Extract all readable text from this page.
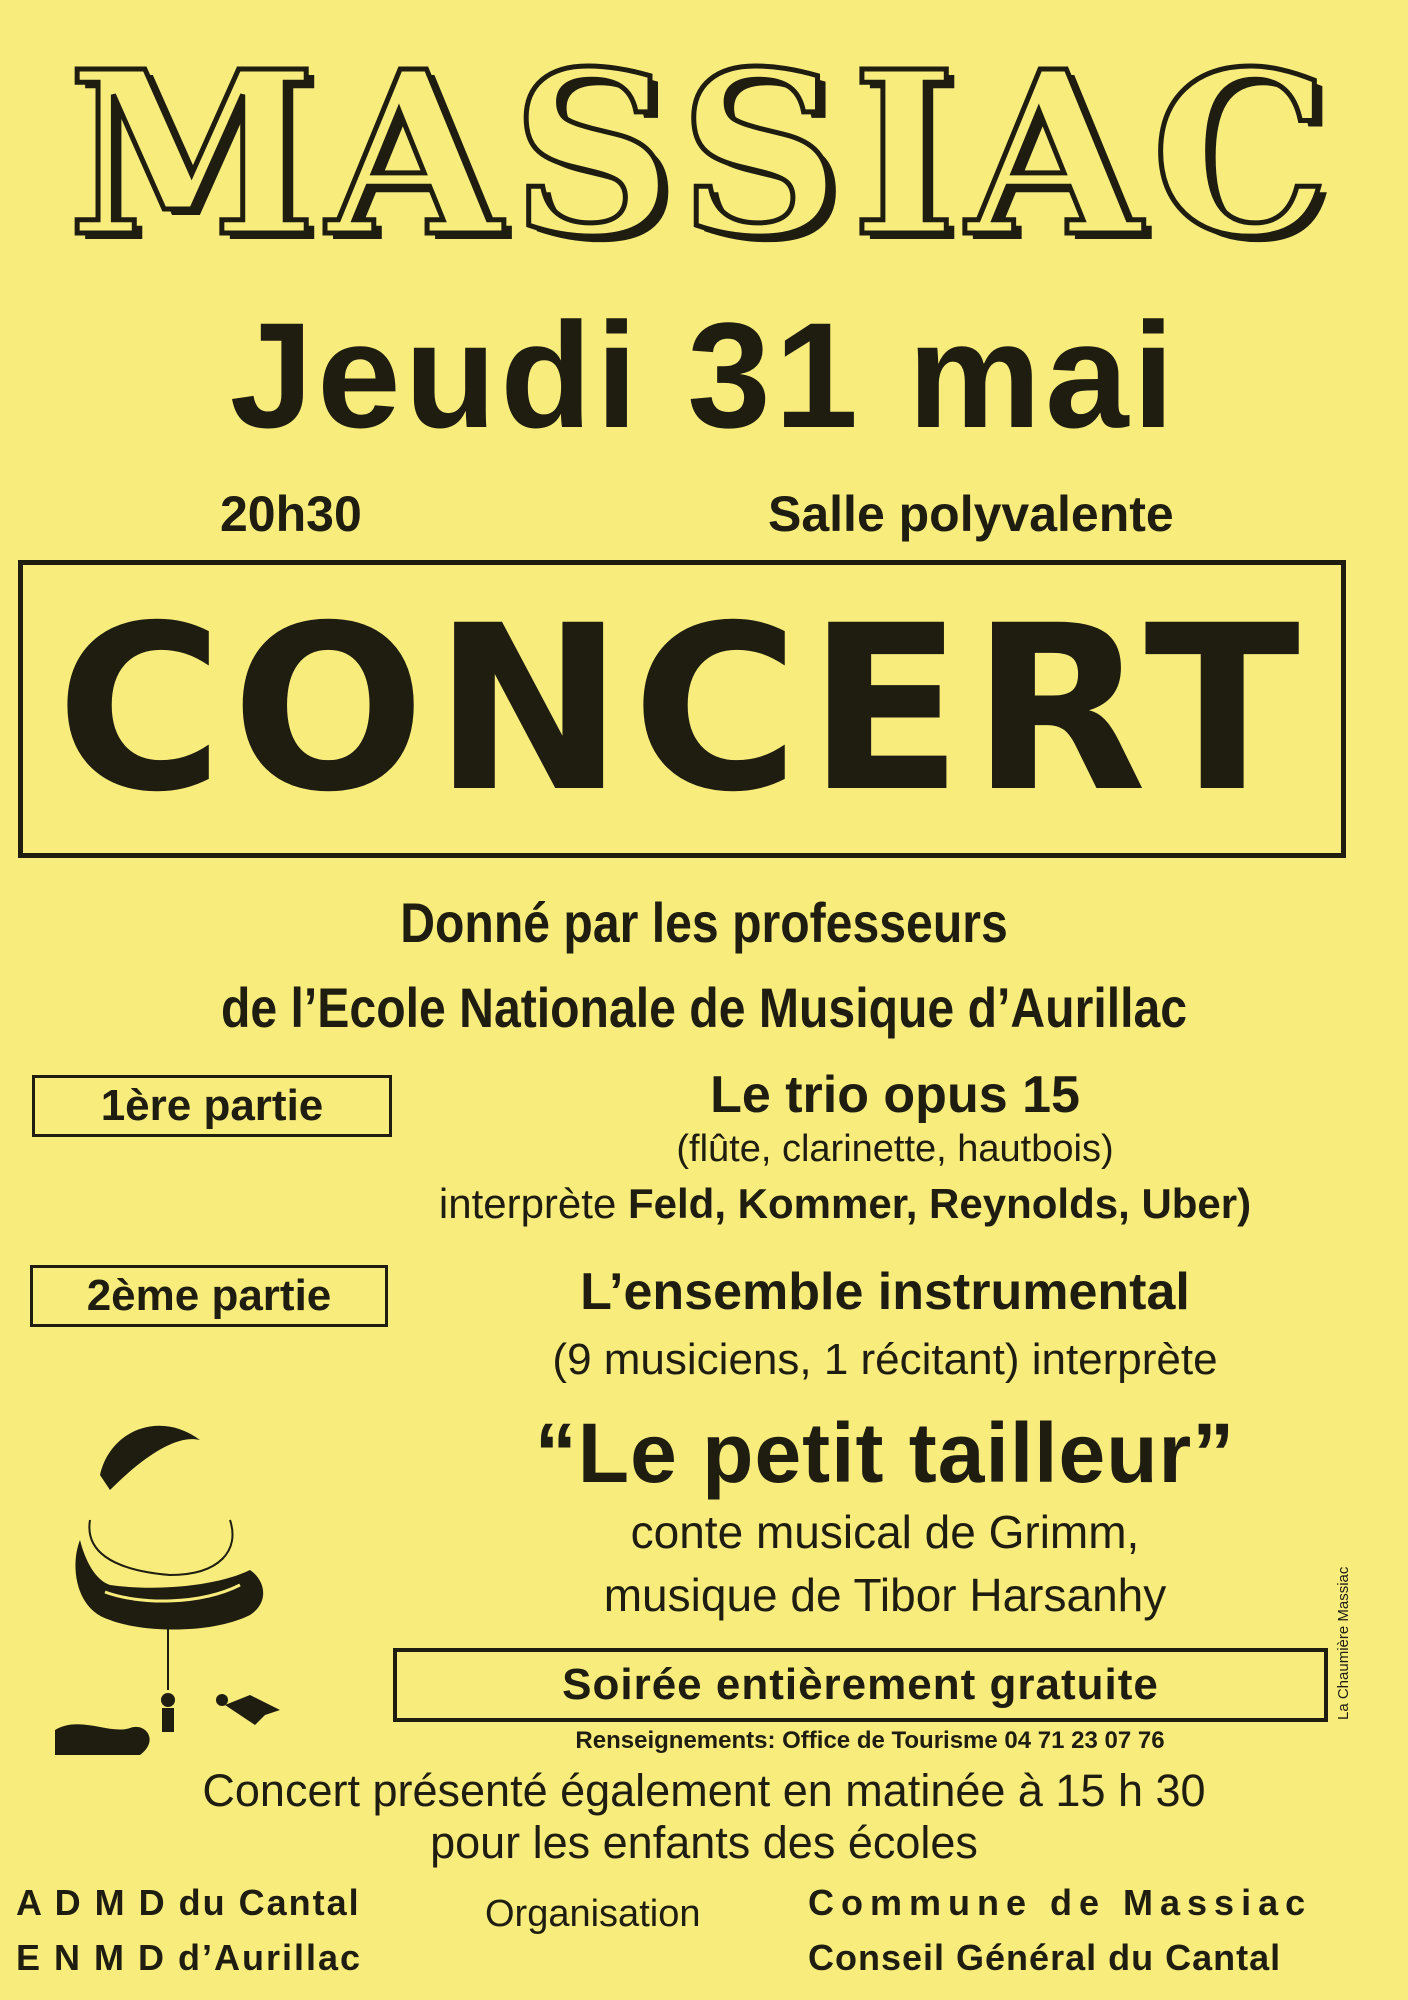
MASSIAC
Jeudi 31 mai
20h30	Salle polyvalente
CONCERT
Donné par les professeurs
de l’Ecole Nationale de Musique d’Aurillac
1ère partie	Le trio opus 15
(flûte, clarinette, hautbois)
interprète Feld, Kommer, Reynolds, Uber)
2ème partie	L’ensemble instrumental
(9 musiciens, 1 récitant) interprète
“Le petit tailleur”
conte musical de Grimm,
musique de Tibor Harsanhy
Soirée entièrement gratuite
Renseignements: Office de Tourisme 04 71 23 07 76
Concert présenté également en matinée à 15 h 30
pour les enfants des écoles
A D M D du Cantal
E N M D d’Aurillac
Organisation	Commune de Massiac
Conseil Général du Cantal
La Chaumière Massiac
